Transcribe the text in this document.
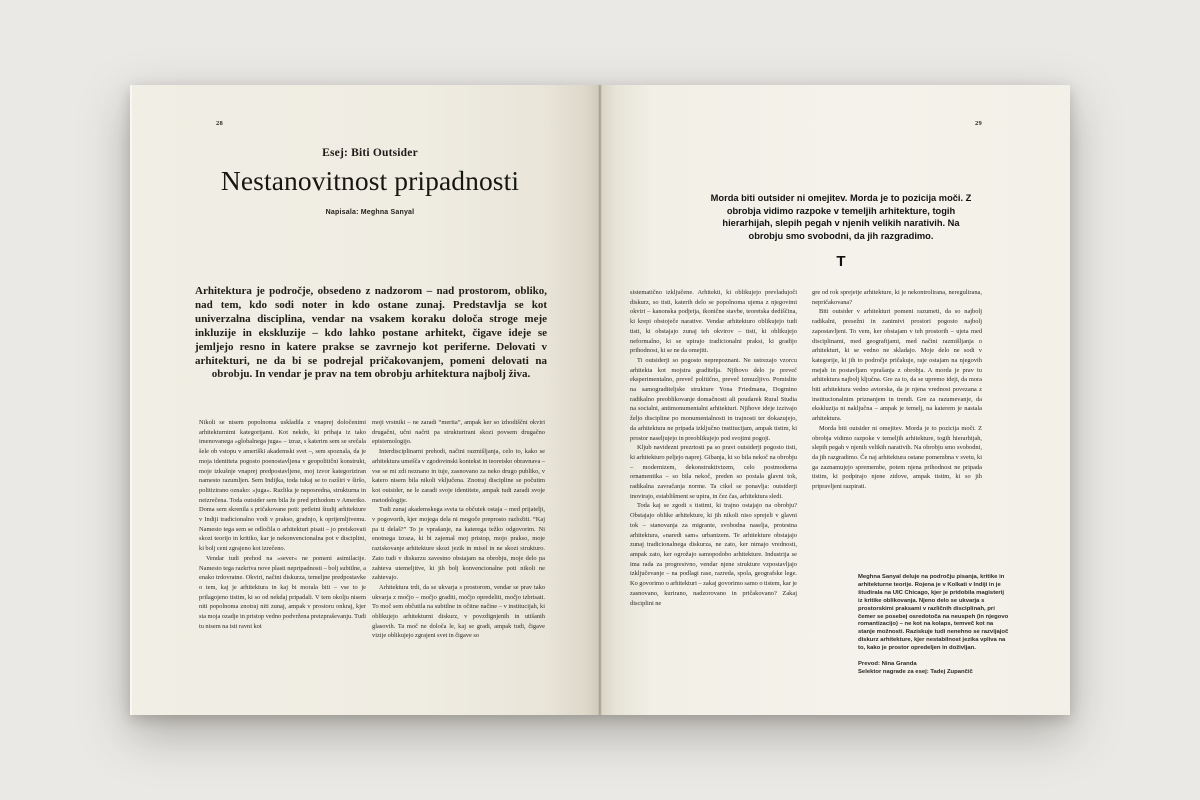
28
Esej: Biti Outsider
Nestanovitnost pripadnosti
Napisala: Meghna Sanyal
Arhitektura je področje, obsedeno z nadzorom – nad prostorom, obliko, nad tem, kdo sodi noter in kdo ostane zunaj. Predstavlja se kot univerzalna disciplina, vendar na vsakem koraku določa stroge meje inkluzije in ekskluzije – kdo lahko postane arhitekt, čigave ideje se jemljejo resno in katere prakse se zavrnejo kot periferne. Delovati v arhitekturi, ne da bi se podrejal pričakovanjem, pomeni delovati na obrobju. In vendar je prav na tem obrobju arhitektura najbolj živa.

Nikoli se nisem popolnoma uskladila z vnaprej določenimi arhitekturnimi kategorijami. Kot nekdo, ki prihaja iz tako imenovanega »globalnega juga« – izraz, s katerim sem se srečala šele ob vstopu v ameriški akademski svet –, sem spoznala, da je moja identiteta pogosto poenostavljena v geopolitični konstrukt, moje izkušnje vnaprej predpostavljene, moj izvor kategoriziran namesto razumljen. Sem Indijka, toda tukaj se to razširi v širšo, politizirano oznako: »juga«. Razlika je neposredna, strukturna in neizrečena. Toda outsider sem bila že pred prihodom v Ameriko. Doma sem skrenila s pričakovane poti: petletni študij arhitekture v Indiji tradicionalno vodi v prakso, gradnjo, k oprijemljivemu. Namesto tega sem se odločila o arhitekturi pisati – jo preiskovati skozi teorijo in kritiko, kar je nekonvencionalna pot v disciplini, ki bolj ceni zgrajeno kot izrečeno.

Vendar tudi prehod na »sever« ne pomeni asimilacije. Namesto tega razkriva nove plasti nepripadnosti – bolj subtilne, a enako trdovratne. Okviri, načini diskurza, temeljne predpostavke o tem, kaj je arhitektura in kaj bi morala biti – vse to je prilagojeno tistim, ki so od nekdaj pripadali. V tem okolju nisem niti popolnoma znotraj niti zunaj, ampak v prostoru onkraj, kjer sta moja ozadje in pristop vedno podvržena preizpraševanju. Tudi tu nisem na isti ravni kot

moji vrstniki – ne zaradi “merita”, ampak ker so izhodiščni okviri drugačni, učni načrti pa strukturirani skozi povsem drugačno epistemologijo.

Interdisciplinarni prehodi, načini razmišljanja, celo to, kako se arhitektura umešča v zgodovinski kontekst in teoretsko obravnava – vse se mi zdi neznano in tuje, zasnovano za neko drugo publiko, v katero nisem bila nikoli vključena. Znotraj discipline se počutim kot outsider, ne le zaradi svoje identitete, ampak tudi zaradi svoje metodologije.

Tudi zunaj akademskega sveta ta občutek ostaja – med prijatelji, v pogovorih, kjer mojega dela ni mogoče preprosto razložiti. “Kaj pa ti delaš?” To je vprašanje, na katerega težko odgovorim. Ni enotnega izraza, ki bi zajemal moj pristop, mojo prakso, moje raziskovanje arhitekture skozi jezik in misel in ne skozi strukturo. Zato tudi v diskurzu zavestno obstajam na obrobju, moje delo pa zahteva utemeljitve, ki jih bolj konvencionalne poti nikoli ne zahtevajo.

Arhitektura trdi, da se ukvarja s prostorom, vendar se prav tako ukvarja z močjo – močjo graditi, močjo opredeliti, močjo izbrisati. To moč sem občutila na subtilne in očitne načine – v institucijah, ki oblikujejo arhitekturni diskurz, v povzdignjenih in utišanih glasovih. Ta moč ne določa le, kaj se gradi, ampak tudi, čigave vizije oblikujejo zgrajeni svet in čigave so

29
Morda biti outsider ni omejitev. Morda je to pozicija moči. Z obrobja vidimo razpoke v temeljih arhitekture, togih hierarhijah, slepih pegah v njenih velikih narativih. Na obrobju smo svobodni, da jih razgradimo.
T

sistematično izključene. Arhitekti, ki oblikujejo prevladujoči diskurz, so tisti, katerih delo se popolnoma ujema z njegovimi okviri – kanonska podjetja, ikonične stavbe, teoretska dediščina, ki krepi obstoječe narative. Vendar arhitekturo oblikujejo tudi tisti, ki obstajajo zunaj teh okvirov – tisti, ki oblikujejo neformalno, ki se upirajo tradicionalni praksi, ki gradijo prihodnost, ki se ne da omejiti.

Ti outsiderji so pogosto neprepoznani. Ne ustrezajo vzorcu arhitekta kot mojstra graditelja. Njihovo delo je preveč eksperimentalno, preveč politično, preveč izmuzljivo. Pomislite na samograditeljske strukture Yona Friedmana, Dogmino radikalno preoblikovanje domačnosti ali poudarek Rural Studia na socialni, antimonumentalni arhitekturi. Njihove ideje izzivajo željo discipline po monumentalnosti in trajnosti ter dokazujejo, da arhitektura ne pripada izključno institucijam, ampak tistim, ki prostor naseljujejo in preoblikujejo pod svojimi pogoji.

Kljub navidezni prezrtosti pa so pravi outsiderji pogosto tisti, ki arhitekturo peljejo naprej. Gibanja, ki so bila nekoč na obrobju – modernizem, dekonstruktivizem, celo postmoderna ornamentika – so bila nekoč, preden so postala glavni tok, radikalna zavračanja norme. Ta cikel se ponavlja: outsiderji inovirajo, establišment se upira, in čez čas, arhitektura sledi.

Toda kaj se zgodi s tistimi, ki trajno ostajajo na obrobju? Obstajajo oblike arhitekture, ki jih nikoli niso sprejeli v glavni tok – stanovanja za migrante, svobodna naselja, protestna arhitektura, »naredi sam« urbanizem. Te arhitekture obstajajo zunaj tradicionalnega diskurza, ne zato, ker nimajo vrednosti, ampak zato, ker ogrožajo samopodobo arhitekture. Industrija se ima rada za progresivno, vendar njene strukture vzpostavljajo izključevanje – na podlagi rase, razreda, spola, geografske lege. Ko govorimo o arhitekturi – zakaj govorimo samo o tistem, kar je zasnovano, kurirano, nadzorovano in pričakovano? Zakaj disciplini ne

gre od rok sprejetje arhitekture, ki je nekontrolirana, neregulirana, nepričakovana?

Biti outsider v arhitekturi pomeni razumeti, da so najbolj radikalni, presežni in zanimivi prostori pogosto najbolj zapostavljeni. To vem, ker obstajam v teh prostorih – ujeta med disciplinami, med geografijami, med načini razmišljanja o arhitekturi, ki se vedno ne skladajo. Moje delo ne sodi v kategorije, ki jih to področje pričakuje, raje ostajam na njegovih mejah in postavljam vprašanja z obrobja. A morda je prav tu arhitektura najbolj ključna. Gre za to, da se upremo ideji, da mora biti arhitektura vedno avtorska, da je njena vrednost povezana z institucionalnim priznanjem in trendi. Gre za razumevanje, da ekskluzija ni naključna – ampak je temelj, na katerem je nastala arhitektura.

Morda biti outsider ni omejitev. Morda je to pozicija moči. Z obrobja vidimo razpoke v temeljih arhitekture, togih hierarhijah, slepih pegah v njenih velikih narativih. Na obrobju smo svobodni, da jih razgradimo. Če naj arhitektura ostane pomembna v svetu, ki ga zaznamujejo spremembe, potem njena prihodnost ne pripada tistim, ki podpirajo njene zidove, ampak tistim, ki so jih pripravljeni razpirati.

Meghna Sanyal deluje na področju pisanja, kritike in arhitekturne teorije. Rojena je v Kolkati v Indiji in je študirala na UIC Chicago, kjer je pridobila magisterij iz kritike oblikovanja. Njeno delo se ukvarja s prostorskimi praksami v različnih disciplinah, pri čemer se posebej osredotoča na neuspeh (in njegovo romantizacijo) – ne kot na kolaps, temveč kot na stanje možnosti. Raziskuje tudi nenehno se razvijajoč diskurz arhitekture, kjer nestabilnost jezika vpliva na to, kako je prostor opredeljen in doživljan.

Prevod: Nina Granda

Selektor nagrade za esej: Tadej Zupančič
